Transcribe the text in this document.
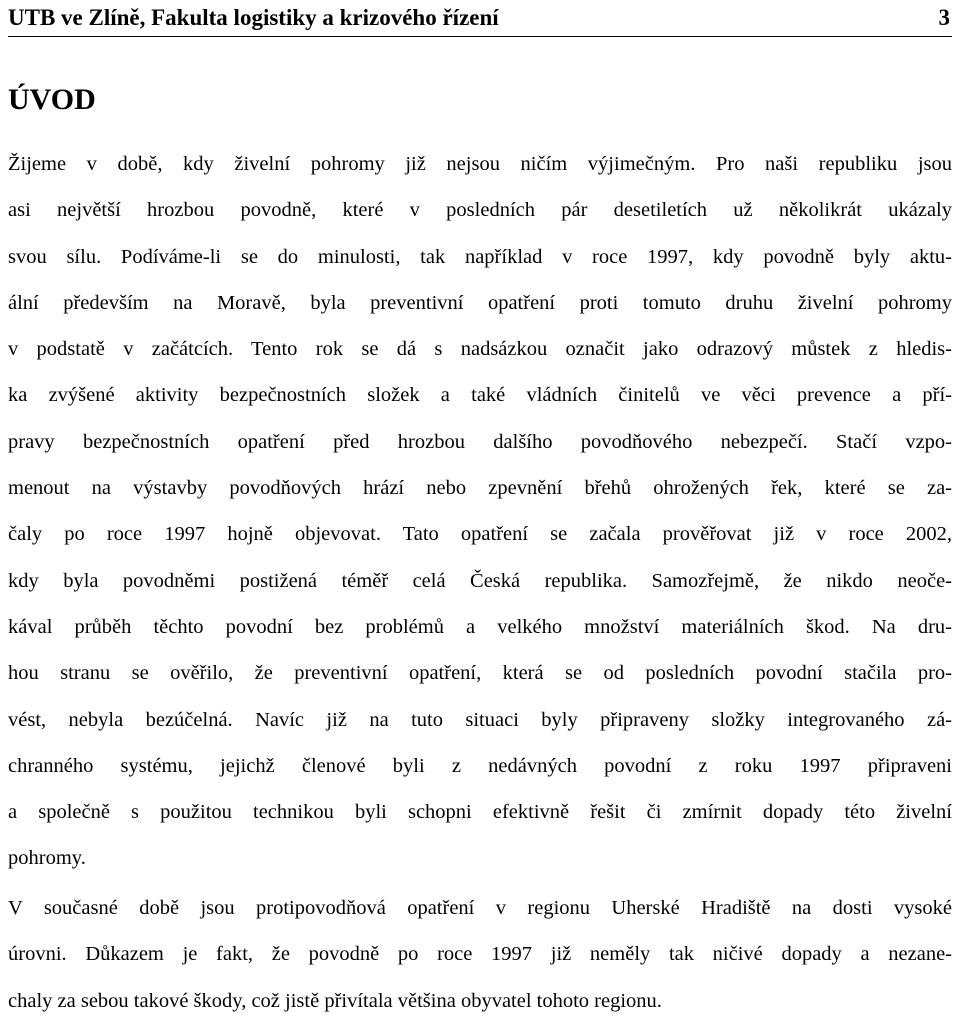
UTB ve Zlíně, Fakulta logistiky a krizového řízení	3
ÚVOD
Žijeme v době, kdy živelní pohromy již nejsou ničím výjimečným. Pro naši republiku jsou
asi největší hrozbou povodně, které v posledních pár desetiletích už několikrát ukázaly
svou sílu. Podíváme-li se do minulosti, tak například v roce 1997, kdy povodně byly aktu-
ální především na Moravě, byla preventivní opatření proti tomuto druhu živelní pohromy
v podstatě v začátcích. Tento rok se dá s nadsázkou označit jako odrazový můstek z hledis-
ka zvýšené aktivity bezpečnostních složek a také vládních činitelů ve věci prevence a pří-
pravy bezpečnostních opatření před hrozbou dalšího povodňového nebezpečí. Stačí vzpo-
menout na výstavby povodňových hrází nebo zpevnění břehů ohrožených řek, které se za-
čaly po roce 1997 hojně objevovat. Tato opatření se začala prověřovat již v roce 2002,
kdy byla povodněmi postižená téměř celá Česká republika. Samozřejmě, že nikdo neoče-
kával průběh těchto povodní bez problémů a velkého množství materiálních škod. Na dru-
hou stranu se ověřilo, že preventivní opatření, která se od posledních povodní stačila pro-
vést, nebyla bezúčelná. Navíc již na tuto situaci byly připraveny složky integrovaného zá-
chranného systému, jejichž členové byli z nedávných povodní z roku 1997 připraveni
a společně s použitou technikou byli schopni efektivně řešit či zmírnit dopady této živelní
pohromy.
V současné době jsou protipovodňová opatření v regionu Uherské Hradiště na dosti vysoké
úrovni. Důkazem je fakt, že povodně po roce 1997 již neměly tak ničivé dopady a nezane-
chaly za sebou takové škody, což jistě přivítala většina obyvatel tohoto regionu.
